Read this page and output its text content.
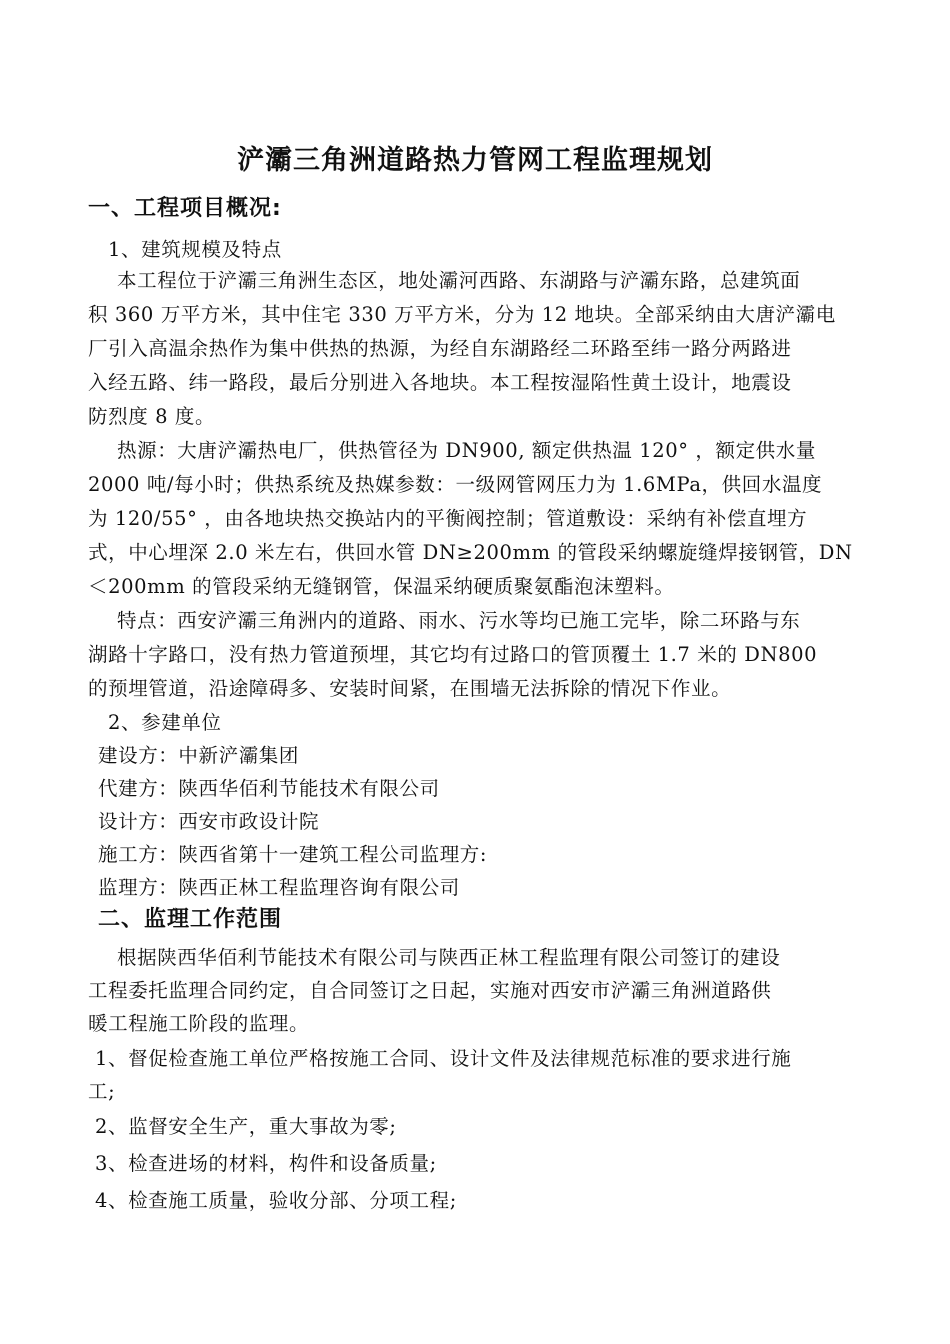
浐灞三角洲道路热力管网工程监理规划
一、工程项目概况:
1、建筑规模及特点
本工程位于浐灞三角洲生态区，地处灞河西路、东湖路与浐灞东路，总建筑面
积 360 万平方米，其中住宅 330 万平方米，分为 12 地块。全部采纳由大唐浐灞电
厂引入高温余热作为集中供热的热源，为经自东湖路经二环路至纬一路分两路进
入经五路、纬一路段，最后分别进入各地块。本工程按湿陷性黄土设计，地震设
防烈度 8 度。
热源：大唐浐灞热电厂，供热管径为 DN900, 额定供热温 120° ，额定供水量
2000 吨/每小时；供热系统及热媒参数：一级网管网压力为 1.6MPa，供回水温度
为 120/55° ，由各地块热交换站内的平衡阀控制；管道敷设：采纳有补偿直埋方
式，中心埋深 2.0 米左右，供回水管 DN≥200mm 的管段采纳螺旋缝焊接钢管，DN
＜200mm 的管段采纳无缝钢管，保温采纳硬质聚氨酯泡沫塑料。
特点：西安浐灞三角洲内的道路、雨水、污水等均已施工完毕，除二环路与东
湖路十字路口，没有热力管道预埋，其它均有过路口的管顶覆土 1.7 米的 DN800
的预埋管道，沿途障碍多、安装时间紧，在围墙无法拆除的情况下作业。
2、参建单位
建设方：中新浐灞集团
代建方：陕西华佰利节能技术有限公司
设计方：西安市政设计院
施工方：陕西省第十一建筑工程公司监理方:
监理方：陕西正林工程监理咨询有限公司
二、监理工作范围
根据陕西华佰利节能技术有限公司与陕西正林工程监理有限公司签订的建设
工程委托监理合同约定，自合同签订之日起，实施对西安市浐灞三角洲道路供
暖工程施工阶段的监理。
1、督促检查施工单位严格按施工合同、设计文件及法律规范标准的要求进行施
工;
2、监督安全生产，重大事故为零;
3、检查进场的材料，构件和设备质量;
4、检查施工质量，验收分部、分项工程;
